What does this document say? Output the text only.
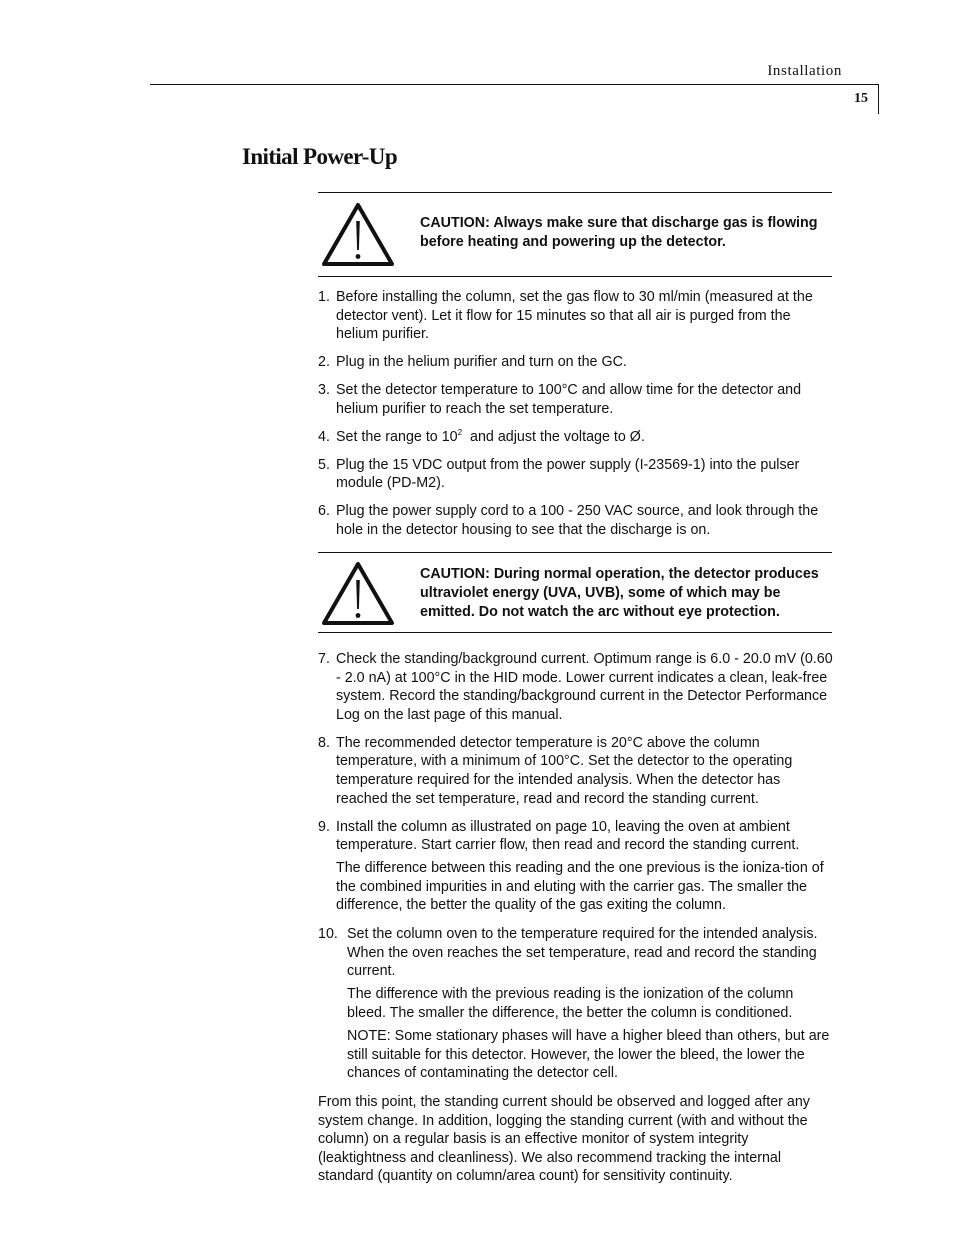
Installation
15
Initial Power-Up
CAUTION: Always make sure that discharge gas is flowing before heating and powering up the detector.
1. Before installing the column, set the gas flow to 30 ml/min (measured at the detector vent). Let it flow for 15 minutes so that all air is purged from the helium purifier.

2. Plug in the helium purifier and turn on the GC.

3. Set the detector temperature to 100°C and allow time for the detector and helium purifier to reach the set temperature.

4. Set the range to $10^2$  and adjust the voltage to Ø.

5. Plug the 15 VDC output from the power supply (I-23569-1) into the pulser module (PD-M2).

6. Plug the power supply cord to a 100 - 250 VAC source, and look through the hole in the detector housing to see that the discharge is on.

CAUTION: During normal operation, the detector produces ultraviolet energy (UVA, UVB), some of which may be emitted. Do not watch the arc without eye protection.
7. Check the standing/background current. Optimum range is 6.0 - 20.0 mV (0.60 - 2.0 nA) at 100°C in the HID mode. Lower current indicates a clean, leak-free system. Record the standing/background current in the Detector Performance Log on the last page of this manual.

8. The recommended detector temperature is 20°C above the column temperature, with a minimum of 100°C. Set the detector to the operating temperature required for the intended analysis. When the detector has reached the set temperature, read and record the standing current.

9. Install the column as illustrated on page 10, leaving the oven at ambient temperature. Start carrier flow, then read and record the standing current.

The difference between this reading and the one previous is the ioniza-tion of the combined impurities in and eluting with the carrier gas. The smaller the difference, the better the quality of the gas exiting the column.

10. Set the column oven to the temperature required for the intended analysis. When the oven reaches the set temperature, read and record the standing current.

The difference with the previous reading is the ionization of the column bleed. The smaller the difference, the better the column is conditioned.

NOTE: Some stationary phases will have a higher bleed than others, but are still suitable for this detector. However, the lower the bleed, the lower the chances of contaminating the detector cell.

From this point, the standing current should be observed and logged after any system change. In addition, logging the standing current (with and without the column) on a regular basis is an effective monitor of system integrity (leaktightness and cleanliness). We also recommend tracking the internal standard (quantity on column/area count) for sensitivity continuity.
